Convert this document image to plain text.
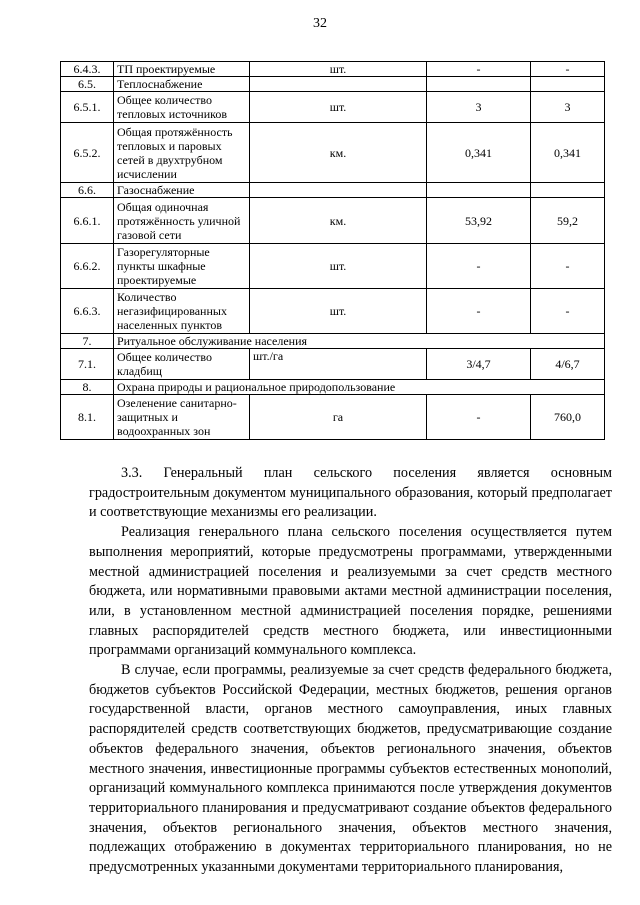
32
6.4.3.	ТП проектируемые	шт.	-	-
6.5.	Теплоснабжение			
6.5.1.	Общее количество тепловых источников	шт.	3	3
6.5.2.	Общая протяжённость тепловых и паровых сетей в двухтрубном исчислении	км.	0,341	0,341
6.6.	Газоснабжение			
6.6.1.	Общая одиночная протяжённость уличной газовой сети	км.	53,92	59,2
6.6.2.	Газорегуляторные пункты шкафные проектируемые	шт.	-	-
6.6.3.	Количество негазифицированных населенных пунктов	шт.	-	-
7.	Ритуальное обслуживание населения			
7.1.	Общее количество кладбищ	шт./га	3/4,7	4/6,7
8.	Охрана природы и рациональное природопользование			
8.1.	Озеленение санитарно-защитных и водоохранных зон	га	-	760,0

3.3. Генеральный план сельского поселения является основным градостроительным документом муниципального образования, который предполагает и соответствующие механизмы его реализации.

Реализация генерального плана сельского поселения осуществляется путем выполнения мероприятий, которые предусмотрены программами, утвержденными местной администрацией поселения и реализуемыми за счет средств местного бюджета, или нормативными правовыми актами местной администрации поселения, или, в установленном местной администрацией поселения порядке, решениями главных распорядителей средств местного бюджета, или инвестиционными программами организаций коммунального комплекса.

В случае, если программы, реализуемые за счет средств федерального бюджета, бюджетов субъектов Российской Федерации, местных бюджетов, решения органов государственной власти, органов местного самоуправления, иных главных распорядителей средств соответствующих бюджетов, предусматривающие создание объектов федерального значения, объектов регионального значения, объектов местного значения, инвестиционные программы субъектов естественных монополий, организаций коммунального комплекса принимаются после утверждения документов территориального планирования и предусматривают создание объектов федерального значения, объектов регионального значения, объектов местного значения, подлежащих отображению в документах территориального планирования, но не предусмотренных указанными документами территориального планирования,
